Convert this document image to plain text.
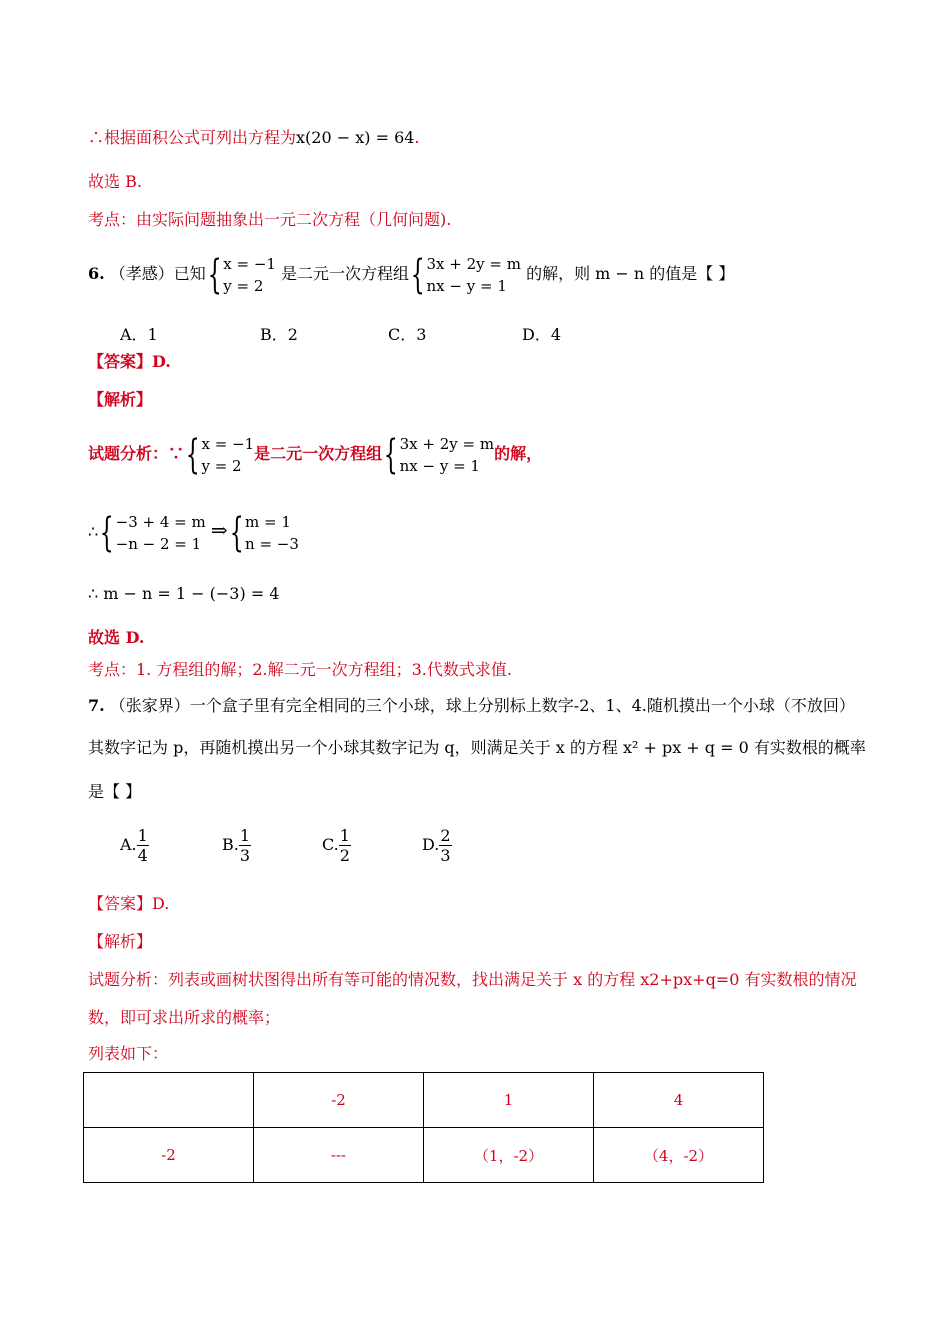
∴根据面积公式可列出方程为x(20 − x) = 64.
故选 B.
考点：由实际问题抽象出一元二次方程（几何问题).
6. （孝感）已知{ x = −1
y = 2
是二元一次方程组{ 3x + 2y = m
nx − y = 1
的解，则 m − n 的值是【 】
A．1	B．2	C．3	D．4
【答案】D.
【解析】
试题分析：∵{ x = −1
y = 2
是二元一次方程组{ 3x + 2y = m
nx − y = 1
的解，
∴{ −3 + 4 = m
−n − 2 = 1
⇒{ m = 1
n = −3
∴ m − n = 1 − (−3) = 4
故选 D.
考点：1. 方程组的解；2.解二元一次方程组；3.代数式求值.
7. （张家界）一个盒子里有完全相同的三个小球，球上分别标上数字-2、1、4.随机摸出一个小球（不放回）
其数字记为 p，再随机摸出另一个小球其数字记为 q，则满足关于 x 的方程 x² + px + q = 0 有实数根的概率
是【 】
A. $\frac{1}{4}$	B. $\frac{1}{3}$	C. $\frac{1}{2}$	D. $\frac{2}{3}$
【答案】D.
【解析】
试题分析：列表或画树状图得出所有等可能的情况数，找出满足关于 x 的方程 x2+px+q=0 有实数根的情况
数，即可求出所求的概率；
列表如下：
	-2	1	4
-2	---	（1，-2）	（4，-2）
